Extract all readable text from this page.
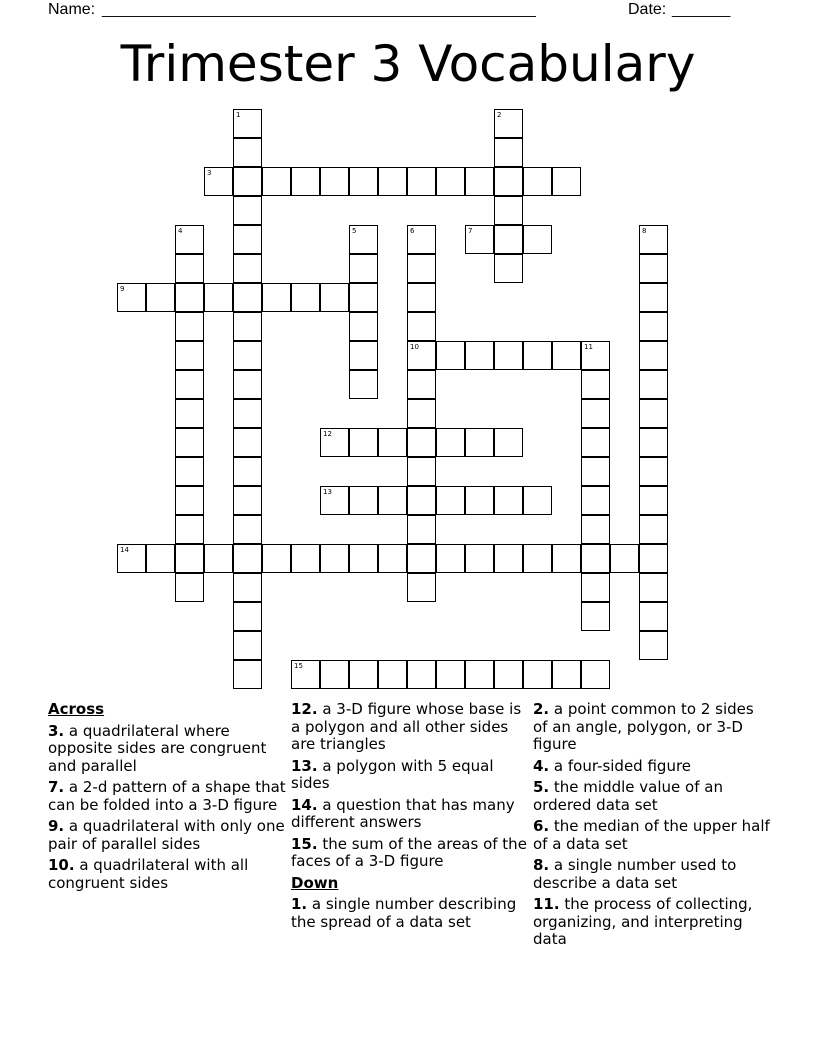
Name: ____________________________________________________	Date: _______
Trimester 3 Vocabulary
1	2
3
4	5	6
10
7	8
9
11
12
13
14
15
Across
3. a quadrilateral where opposite sides are congruent and parallel
7. a 2-d pattern of a shape that can be folded into a 3-D figure
9. a quadrilateral with only one pair of parallel sides
10. a quadrilateral with all congruent sides
12. a 3-D figure whose base is a polygon and all other sides are triangles
13. a polygon with 5 equal sides
14. a question that has many different answers
15. the sum of the areas of the faces of a 3-D figure
Down
1. a single number describing the spread of a data set
2. a point common to 2 sides of an angle, polygon, or 3-D figure
4. a four-sided figure
5. the middle value of an ordered data set
6. the median of the upper half of a data set
8. a single number used to describe a data set
11. the process of collecting, organizing, and interpreting data
